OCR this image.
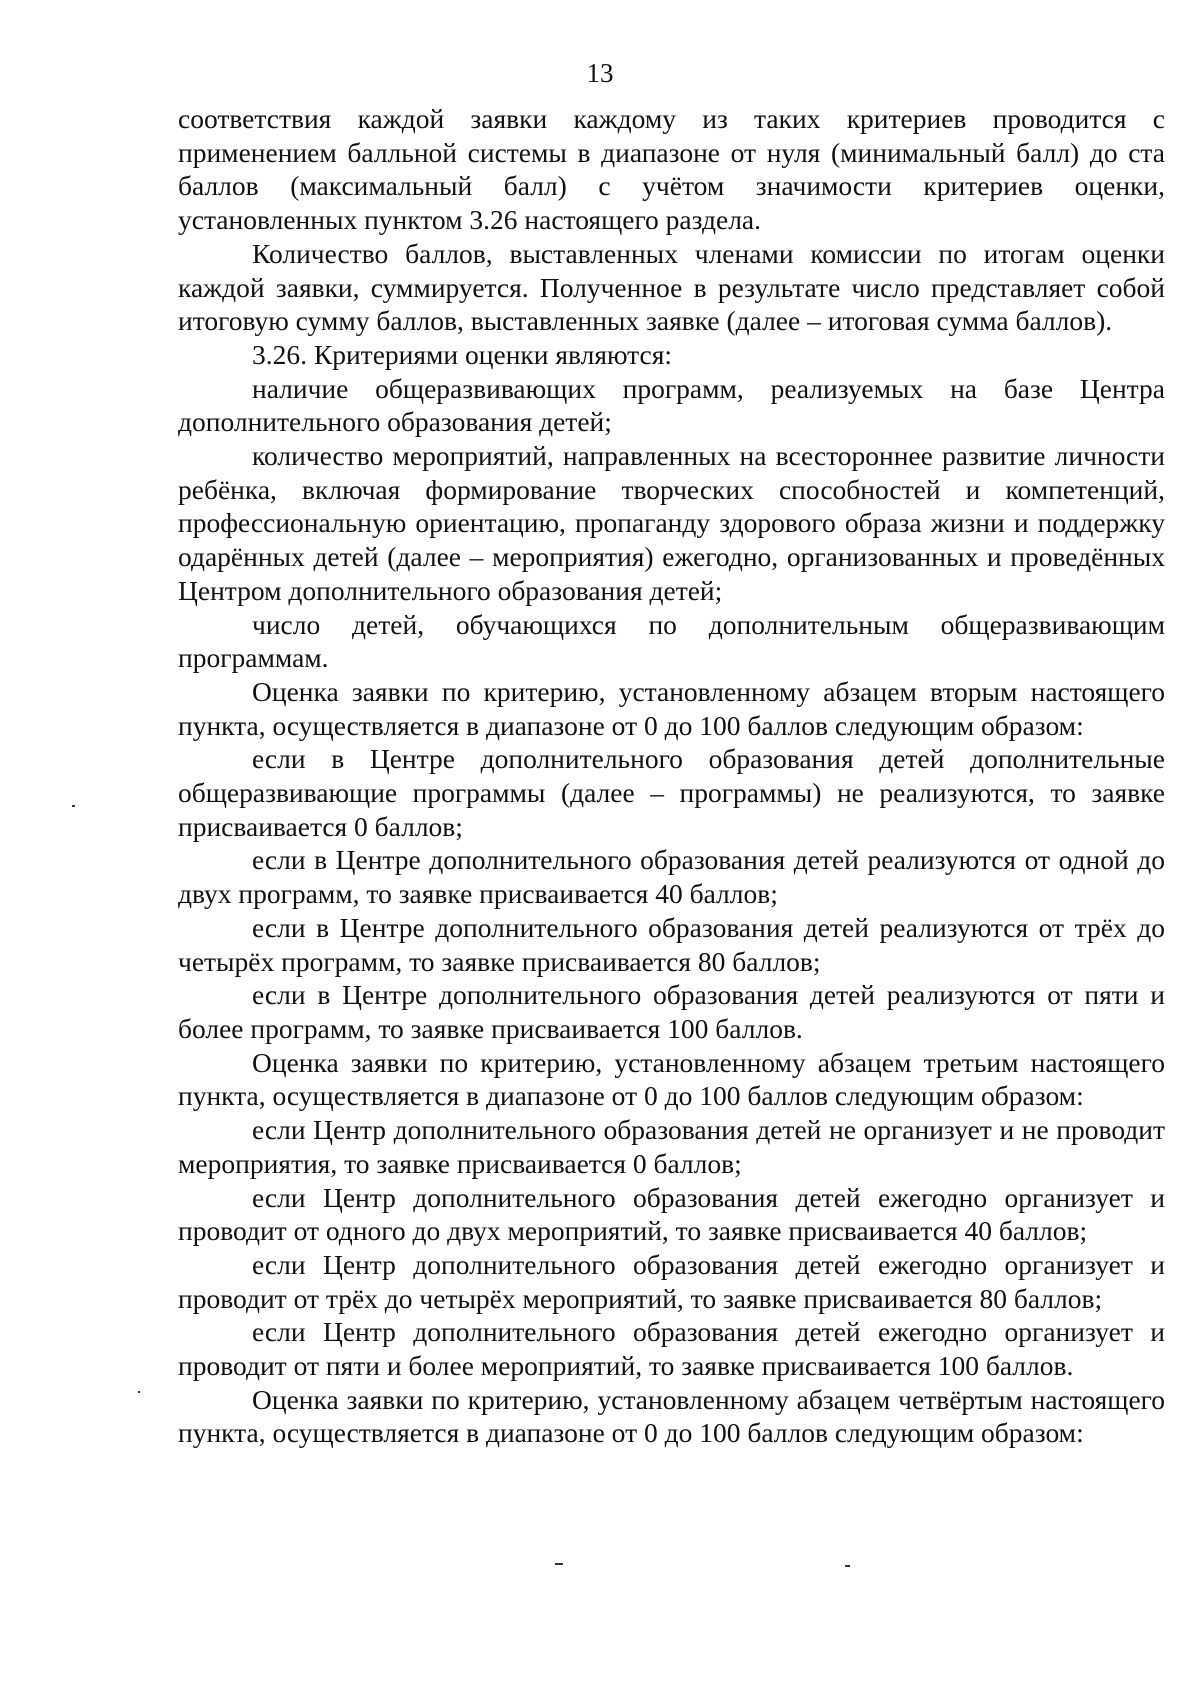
13

соответствия каждой заявки каждому из таких критериев проводится с применением балльной системы в диапазоне от нуля (минимальный балл) до ста баллов (максимальный балл) с учётом значимости критериев оценки, установленных пунктом 3.26 настоящего раздела.

Количество баллов, выставленных членами комиссии по итогам оценки каждой заявки, суммируется. Полученное в результате число представляет собой итоговую сумму баллов, выставленных заявке (далее – итоговая сумма баллов).

3.26. Критериями оценки являются:

наличие общеразвивающих программ, реализуемых на базе Центра дополнительного образования детей;

количество мероприятий, направленных на всестороннее развитие личности ребёнка, включая формирование творческих способностей и компетенций, профессиональную ориентацию, пропаганду здорового образа жизни и поддержку одарённых детей (далее – мероприятия) ежегодно, организованных и проведённых Центром дополнительного образования детей;

число детей, обучающихся по дополнительным общеразвивающим программам.

Оценка заявки по критерию, установленному абзацем вторым настоящего пункта, осуществляется в диапазоне от 0 до 100 баллов следующим образом:

если в Центре дополнительного образования детей дополнительные общеразвивающие программы (далее – программы) не реализуются, то заявке присваивается 0 баллов;

если в Центре дополнительного образования детей реализуются от одной до двух программ, то заявке присваивается 40 баллов;

если в Центре дополнительного образования детей реализуются от трёх до четырёх программ, то заявке присваивается 80 баллов;

если в Центре дополнительного образования детей реализуются от пяти и более программ, то заявке присваивается 100 баллов.

Оценка заявки по критерию, установленному абзацем третьим настоящего пункта, осуществляется в диапазоне от 0 до 100 баллов следующим образом:

если Центр дополнительного образования детей не организует и не проводит мероприятия, то заявке присваивается 0 баллов;

если Центр дополнительного образования детей ежегодно организует и проводит от одного до двух мероприятий, то заявке присваивается 40 баллов;

если Центр дополнительного образования детей ежегодно организует и проводит от трёх до четырёх мероприятий, то заявке присваивается 80 баллов;

если Центр дополнительного образования детей ежегодно организует и проводит от пяти и более мероприятий, то заявке присваивается 100 баллов.

Оценка заявки по критерию, установленному абзацем четвёртым настоящего пункта, осуществляется в диапазоне от 0 до 100 баллов следующим образом:
